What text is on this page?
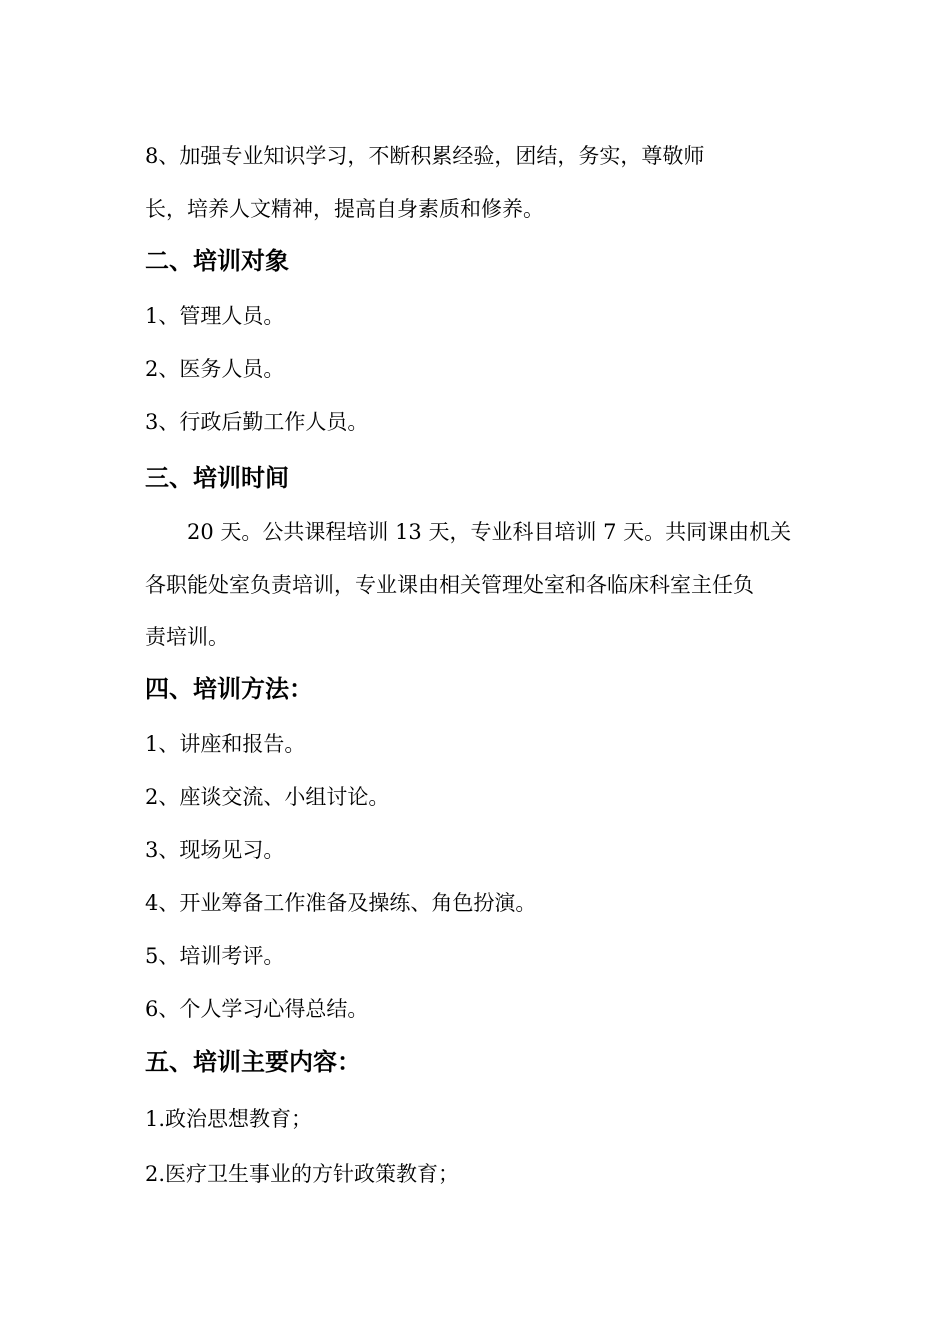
8、加强专业知识学习，不断积累经验，团结，务实，尊敬师
长，培养人文精神，提高自身素质和修养。
二、培训对象
1、管理人员。
2、医务人员。
3、行政后勤工作人员。
三、培训时间
20 天。公共课程培训 13 天，专业科目培训 7 天。共同课由机关
各职能处室负责培训，专业课由相关管理处室和各临床科室主任负
责培训。
四、培训方法：
1、讲座和报告。
2、座谈交流、小组讨论。
3、现场见习。
4、开业筹备工作准备及操练、角色扮演。
5、培训考评。
6、个人学习心得总结。
五、培训主要内容：
1.政治思想教育；
2.医疗卫生事业的方针政策教育；
